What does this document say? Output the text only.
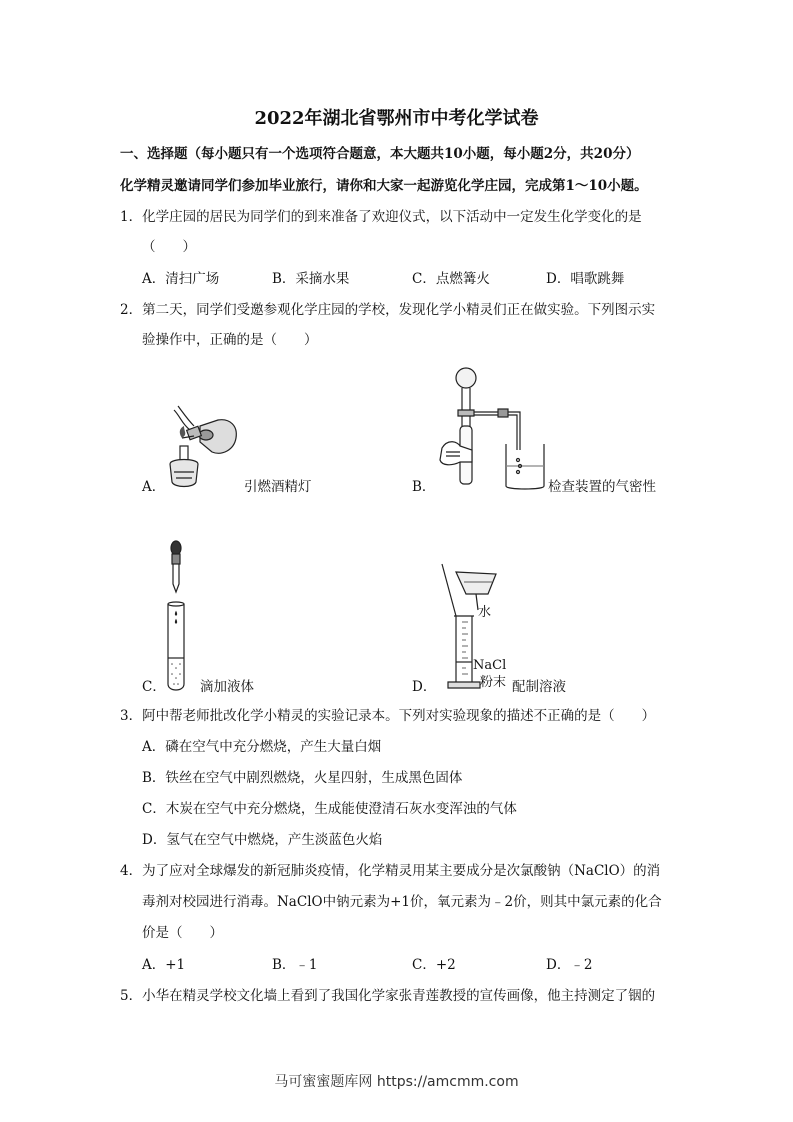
2022年湖北省鄂州市中考化学试卷
一、选择题（每小题只有一个选项符合题意，本大题共10小题，每小题2分，共20分）
化学精灵邀请同学们参加毕业旅行，请你和大家一起游览化学庄园，完成第1～10小题。
1．化学庄园的居民为同学们的到来准备了欢迎仪式，以下活动中一定发生化学变化的是
（　　）
A．清扫广场	B．采摘水果	C．点燃篝火	D．唱歌跳舞
2．第二天，同学们受邀参观化学庄园的学校，发现化学小精灵们正在做实验。下列图示实
验操作中，正确的是（　　）
A．	引燃酒精灯	B．	检查装置的气密性
C．	滴加液体
水
NaCl
粉末
D．	配制溶液
3．阿中帮老师批改化学小精灵的实验记录本。下列对实验现象的描述不正确的是（　　）
A．磷在空气中充分燃烧，产生大量白烟
B．铁丝在空气中剧烈燃烧，火星四射，生成黑色固体
C．木炭在空气中充分燃烧，生成能使澄清石灰水变浑浊的气体
D．氢气在空气中燃烧，产生淡蓝色火焰
4．为了应对全球爆发的新冠肺炎疫情，化学精灵用某主要成分是次氯酸钠（NaClO）的消
毒剂对校园进行消毒。NaClO中钠元素为+1价，氧元素为﹣2价，则其中氯元素的化合
价是（　　）
A．+1	B．﹣1	C．+2	D．﹣2
5．小华在精灵学校文化墙上看到了我国化学家张青莲教授的宣传画像，他主持测定了铟的
马可蜜蜜题库网 https://amcmm.com
